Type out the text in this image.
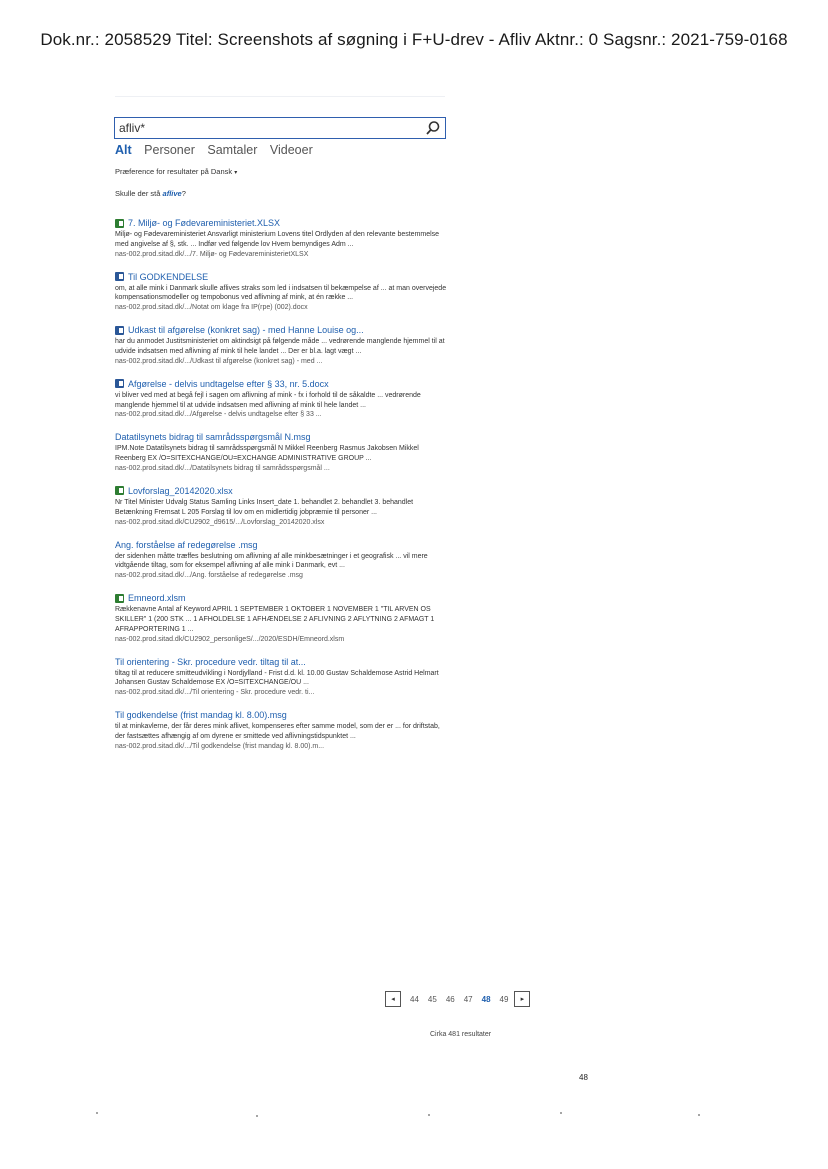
Dok.nr.: 2058529 Titel: Screenshots af søgning i F+U-drev - Afliv Aktnr.: 0 Sagsnr.: 2021-759-0168
afliv*
Alt Personer Samtaler Videoer
Præference for resultater på Dansk ▾
Skulle der stå aflive?
7. Miljø- og Fødevareministeriet.XLSX
Miljø- og Fødevareministeriet Ansvarligt ministerium Lovens titel Ordlyden af den relevante bestemmelse med angivelse af §, stk. ... Indfør ved følgende lov Hvem bemyndiges Adm ...
nas-002.prod.sitad.dk/.../7. Miljø- og FødevareministerietXLSX
Til GODKENDELSE
om, at alle mink i Danmark skulle aflives straks som led i indsatsen til bekæmpelse af ... at man overvejede kompensationsmodeller og tempobonus ved aflivning af mink, at én række ...
nas-002.prod.sitad.dk/.../Notat om klage fra IP(rpe) (002).docx
Udkast til afgørelse (konkret sag) - med Hanne Louise og...
har du anmodet Justitsministeriet om aktindsigt på følgende måde ... vedrørende manglende hjemmel til at udvide indsatsen med aflivning af mink til hele landet ... Der er bl.a. lagt vægt ...
nas-002.prod.sitad.dk/.../Udkast til afgørelse (konkret sag) - med ...
Afgørelse - delvis undtagelse efter § 33, nr. 5.docx
vi bliver ved med at begå fejl i sagen om aflivning af mink - fx i forhold til de såkaldte ... vedrørende manglende hjemmel til at udvide indsatsen med aflivning af mink til hele landet ...
nas-002.prod.sitad.dk/.../Afgørelse - delvis undtagelse efter § 33 ...
Datatilsynets bidrag til samrådsspørgsmål N.msg
IPM.Note Datatilsynets bidrag til samrådsspørgsmål N Mikkel Reenberg Rasmus Jakobsen Mikkel Reenberg EX /O=SITEXCHANGE/OU=EXCHANGE ADMINISTRATIVE GROUP ...
nas-002.prod.sitad.dk/.../Datatilsynets bidrag til samrådsspørgsmål ...
Lovforslag_20142020.xlsx
Nr Titel Minister Udvalg Status Samling Links Insert_date 1. behandlet 2. behandlet 3. behandlet Betænkning Fremsat L 205 Forslag til lov om en midlertidig jobpræmie til personer ...
nas-002.prod.sitad.dk/CU2902_d9615/.../Lovforslag_20142020.xlsx
Ang. forståelse af redegørelse .msg
der sidenhen måtte træffes beslutning om aflivning af alle minkbesætninger i et geografisk ... vil mere vidtgående tiltag, som for eksempel aflivning af alle mink i Danmark, evt ...
nas-002.prod.sitad.dk/.../Ang. forståelse af redegørelse .msg
Emneord.xlsm
Rækkenavne Antal af Keyword APRIL 1 SEPTEMBER 1 OKTOBER 1 NOVEMBER 1 "TIL ARVEN OS SKILLER" 1 (200 STK ... 1 AFHOLDELSE 1 AFHÆNDELSE 2 AFLIVNING 2 AFLYTNING 2 AFMAGT 1 AFRAPPORTERING 1 ...
nas-002.prod.sitad.dk/CU2902_personligeS/.../2020/ESDH/Emneord.xlsm
Til orientering - Skr. procedure vedr. tiltag til at...
tiltag til at reducere smitteudvikling i Nordjylland - Frist d.d. kl. 10.00 Gustav Schaldemose Astrid Helmart Johansen Gustav Schaldemose EX /O=SITEXCHANGE/OU ...
nas-002.prod.sitad.dk/.../Til orientering - Skr. procedure vedr. ti...
Til godkendelse (frist mandag kl. 8.00).msg
til at minkavlerne, der får deres mink aflivet, kompenseres efter samme model, som der er ... for driftstab, der fastsættes afhængig af om dyrene er smittede ved aflivningstidspunktet ...
nas-002.prod.sitad.dk/.../Til godkendelse (frist mandag kl. 8.00).m...
◂	44 45 46 47 48 49	▸
Cirka 481 resultater
48
